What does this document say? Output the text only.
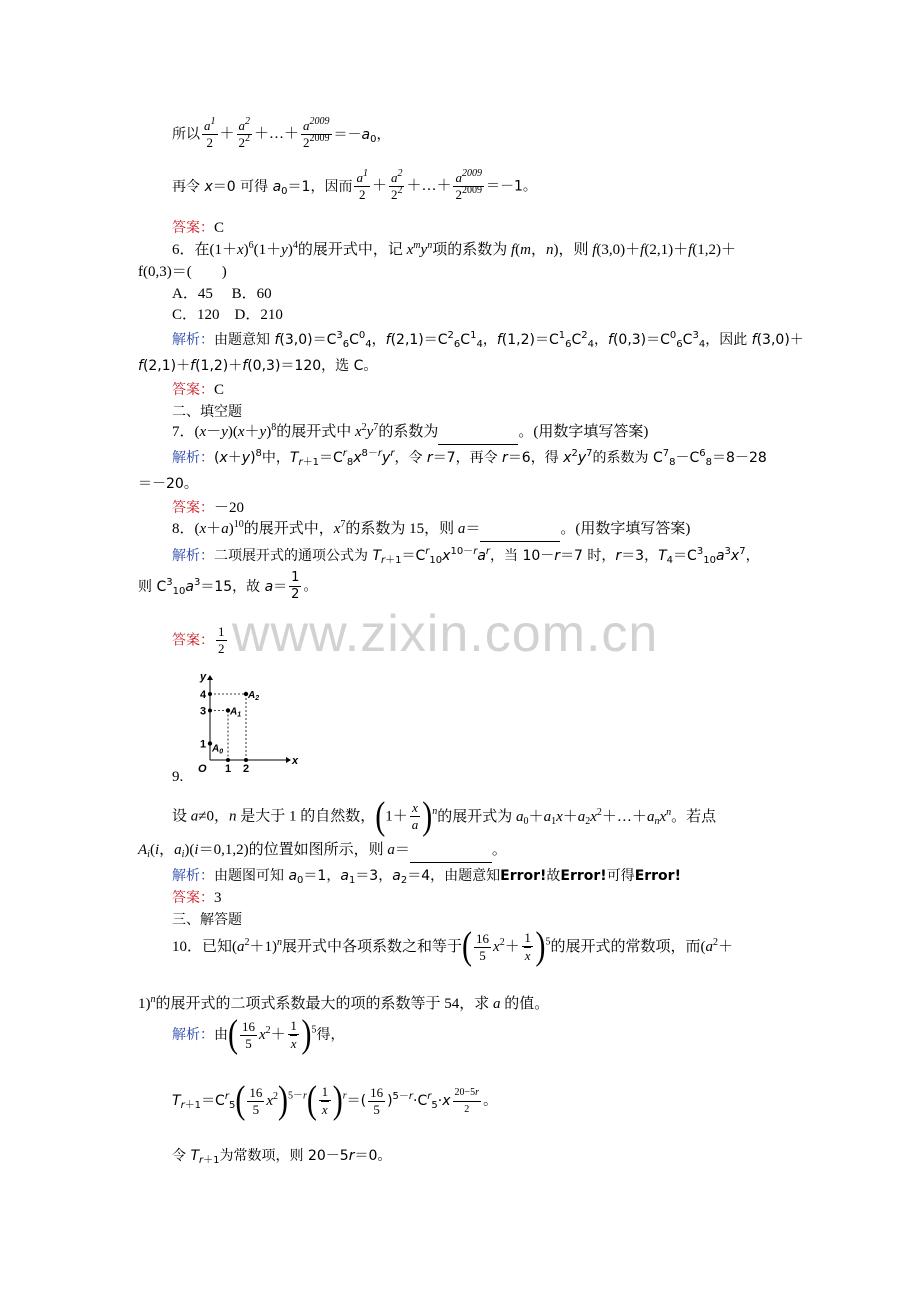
www.zixin.com.cn
所以 $\frac{a^1}{2} + \frac{a^2}{2^2}$ ＋…＋ $\frac{a^{2009}}{2^{2009}} =-a_0$，
再令 x＝0 可得 $a_0=1$，因而 $\frac{a^1}{2} + \frac{a^2}{2^2}$ ＋…＋ $\frac{a^{2009}}{2^{2009}} =-1$。
答案：C
6．在$(1+x)^6(1+y)^4$的展开式中，记 $x^my^n$项的系数为 f(m，n)，则 f(3,0)＋f(2,1)＋f(1,2)＋
f(0,3)＝(　　)
A．45　 B．60
C．120　D．210
解析：由题意知 $f(3,0)=C^3_6C^0_4$，$f(2,1)=C^2_6C^1_4$，$f(1,2)=C^1_6C^2_4$，$f(0,3)=C^0_6C^3_4$，因此 f(3,0)＋
f(2,1)＋f(1,2)＋f(0,3)＝120，选 C。
答案：C
二、填空题
7．$(x-y)(x+y)^8$的展开式中 $x^2y^7$的系数为	。(用数字填写答案)
解析：$(x+y)^8$中，$T_{r+1}=C^r_8x^{8-r}y^r$，令 r＝7，再令 r＝6，得 $x^2y^7$的系数为 $C^7_8-C^6_8=8-28$
＝－20。
答案：－20
8．$(x+a)^{10}$的展开式中，$x^7$的系数为 15，则 a＝	。(用数字填写答案)
解析：二项展开式的通项公式为 $T_{r+1}=C^r_{10}x^{10-r}a^r$，当 10－r＝7 时，r＝3，$T_4=C^3_{10}a^3x^7$，
则 $C^3_{10}a^3=15$，故 $a= \frac{1}{2}$ 。
答案： $\frac{1}{2}$
x
y
O 1 2
1
3
4
$A_0$
$A_1$
$A_2$
9.
设 a≠0，n 是大于 1 的自然数，$(1+ \frac{x}{a} )^n$的展开式为 $a_0+a_1x+a_2x^2+\dots+a_nx^n$。若点
$A_i(i$，$a_i)(i=0,1,2)$的位置如图所示，则 a＝	。
解析：由题图可知 $a_0=1$，$a_1=3$，$a_2=4$，由题意知Error!故Error!可得Error!
答案：3
三、解答题
10．已知$(a^2+1)^n$展开式中各项系数之和等于( $\frac{16}{5} x^2+ \frac{1}{x} )^5$的展开式的常数项，而($a^2+$
1)$^n$的展开式的二项式系数最大的项的系数等于 54，求 a 的值。
解析：由( $\frac{16}{5} x^2+ \frac{1}{x} )^5$得，
$T_{r+1}=C^r_5( \frac{16}{5} x^2)^{5-r}( \frac{1}{x} )^r=( \frac{16}{5} )^{5-r}\cdot C^r_5\cdot x \frac{20-5r}{2}$ 。
令 $T_{r+1}$为常数项，则 20－5r＝0。
